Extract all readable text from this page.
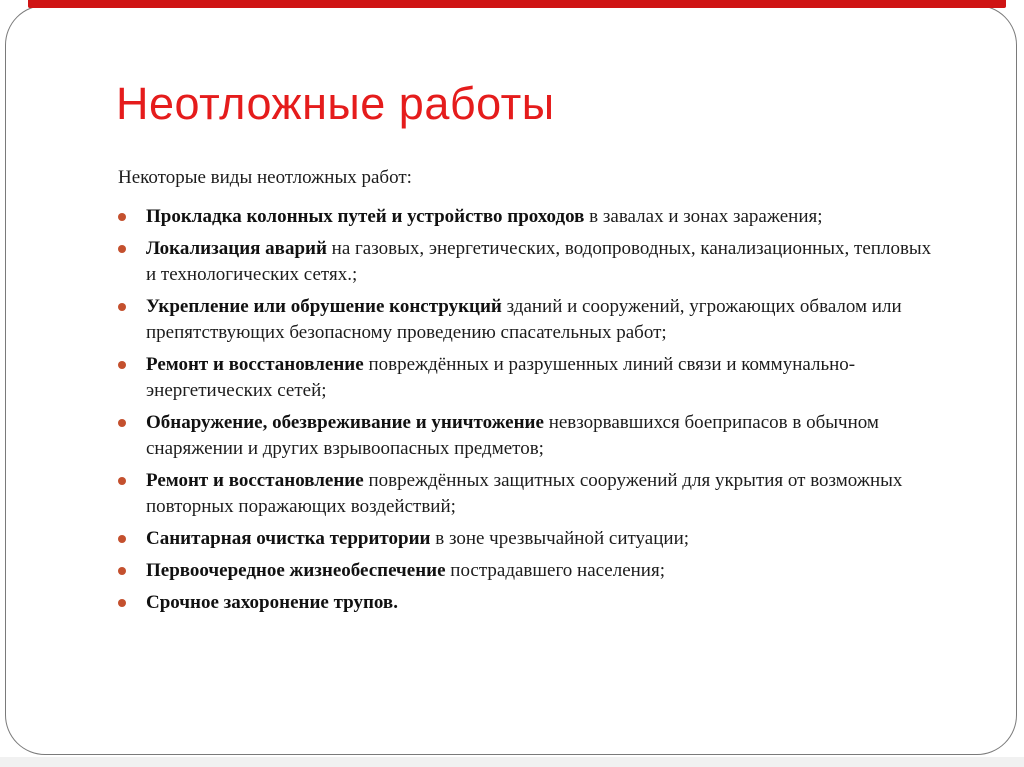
Неотложные работы

Некоторые виды неотложных работ:

Прокладка колонных путей и устройство проходов в завалах и зонах заражения;
Локализация аварий на газовых, энергетических, водопроводных, канализационных, тепловых и технологических сетях.;
Укрепление или обрушение конструкций зданий и сооружений, угрожающих обвалом или препятствующих безопасному проведению спасательных работ;
Ремонт и восстановление повреждённых и разрушенных линий связи и коммунально-энергетических сетей;
Обнаружение, обезвреживание и уничтожение невзорвавшихся боеприпасов в обычном снаряжении и других взрывоопасных предметов;
Ремонт и восстановление повреждённых защитных сооружений для укрытия от возможных повторных поражающих воздействий;
Санитарная очистка территории в зоне чрезвычайной ситуации;
Первоочередное жизнеобеспечение пострадавшего населения;
Срочное захоронение трупов.
